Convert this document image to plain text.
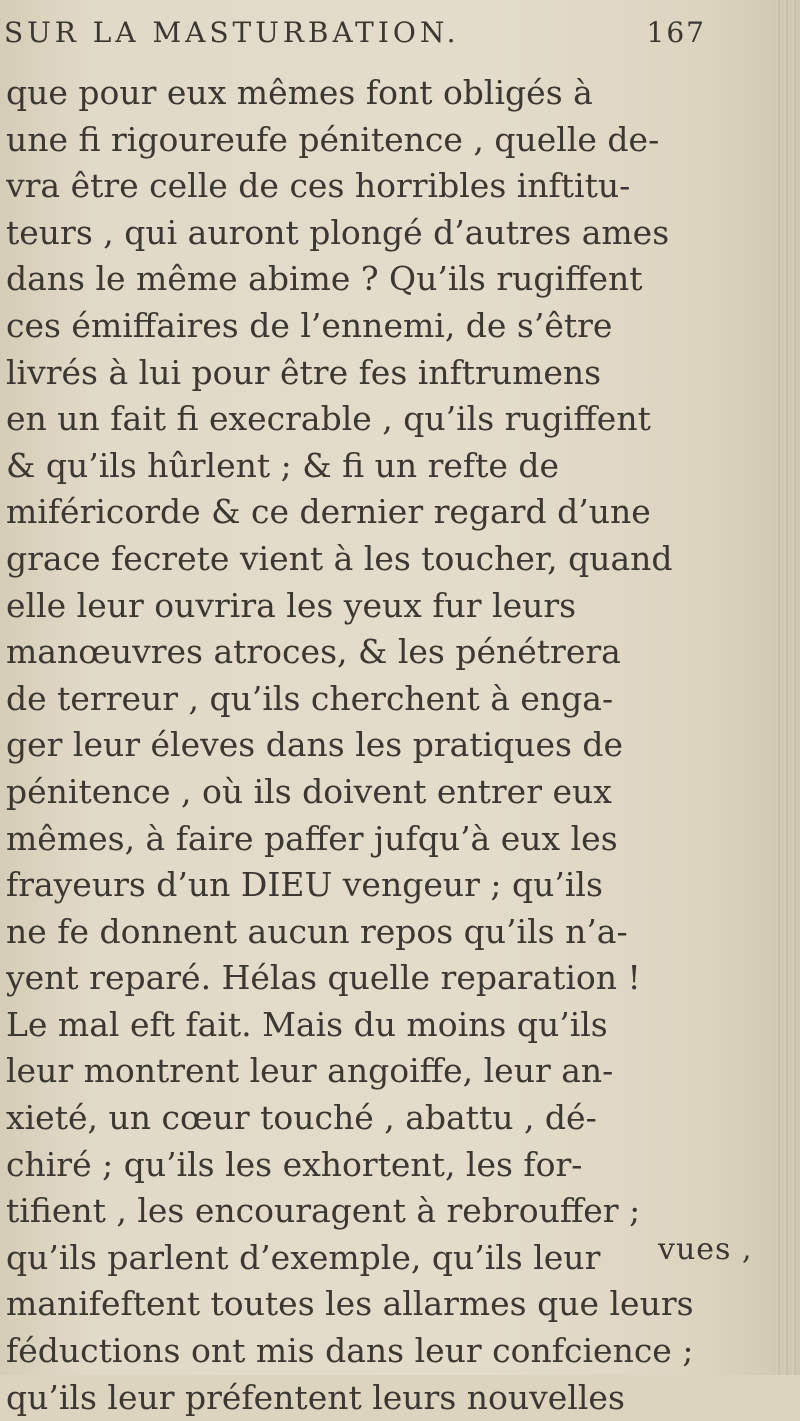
SUR LA MASTURBATION.	167
que pour eux mêmes font obligés à
une fi rigoureufe pénitence , quelle de-
vra être celle de ces horribles inftitu-
teurs , qui auront plongé d’autres ames
dans le même abime ? Qu’ils rugiffent
ces émiffaires de l’ennemi, de s’être
livrés à lui pour être fes inftrumens
en un fait fi execrable , qu’ils rugiffent
& qu’ils hûrlent ; & fi un refte de
miféricorde & ce dernier regard d’une
grace fecrete vient à les toucher, quand
elle leur ouvrira les yeux fur leurs
manœuvres atroces, & les pénétrera
de terreur , qu’ils cherchent à enga-
ger leur éleves dans les pratiques de
pénitence , où ils doivent entrer eux
mêmes, à faire paffer jufqu’à eux les
frayeurs d’un DIEU vengeur ; qu’ils
ne fe donnent aucun repos qu’ils n’a-
yent reparé. Hélas quelle reparation !
Le mal eft fait. Mais du moins qu’ils
leur montrent leur angoiffe, leur an-
xieté, un cœur touché , abattu , dé-
chiré ; qu’ils les exhortent, les for-
tifient , les encouragent à rebrouffer ;
qu’ils parlent d’exemple, qu’ils leur
manifeftent toutes les allarmes que leurs
féductions ont mis dans leur confcience ;
qu’ils leur préfentent leurs nouvelles
vues ,
